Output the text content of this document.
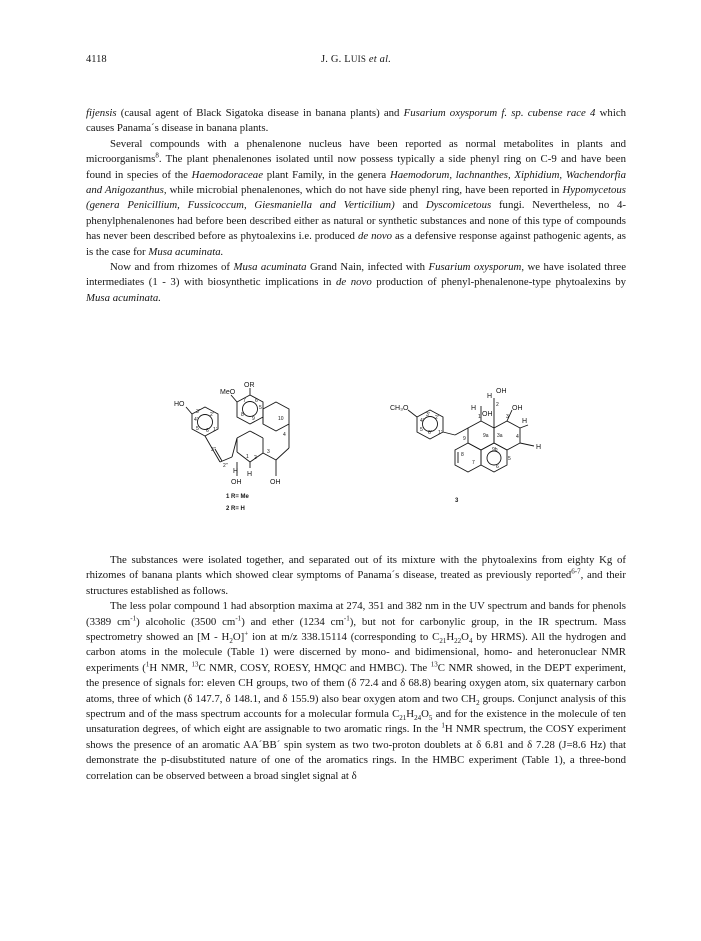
4118	J. G. LUIS et al.

fijensis (causal agent of Black Sigatoka disease in banana plants) and Fusarium oxysporum f. sp. cubense race 4 which causes Panama´s disease in banana plants.

Several compounds with a phenalenone nucleus have been reported as normal metabolites in plants and microorganisms$^8$. The plant phenalenones isolated until now possess typically a side phenyl ring on C-9 and have been found in species of the Haemodoraceae plant Family, in the genera Haemodorum, lachnanthes, Xiphidium, Wachendorfia and Anigozanthus, while microbial phenalenones, which do not have side phenyl ring, have been reported in Hypomycetous (genera Penicillium, Fussicoccum, Giesmaniella and Verticilium) and Dyscomicetous fungi. Nevertheless, no 4-phenylphenalenones had before been described either as natural or synthetic substances and none of this type of compounds has never been described before as phytoalexins i.e. produced de novo as a defensive response against pathogenic agents, as is the case for Musa acuminata.

Now and from rhizomes of Musa acuminata Grand Nain, infected with Fusarium oxysporum, we have isolated three intermediates (1 - 3) with biosynthetic implications in de novo production of phenyl-phenalenone-type phytoalexins by Musa acuminata.

OR
HO
MeO
3' 2'
4'
5' 6' 1'
3''
2''
7 6
5
8
9	10
4
1 2
3
H H
OH	OH
1 R= Me
2 R= H
CH₃O
OH
OH
OH
H
H
H
H
1
2
3
4
9a 3a
9b
9
8
7
6
5
4'
3' 2'
5' 6' 1'
3

The substances were isolated together, and separated out of its mixture with the phytoalexins from eighty Kg of rhizomes of banana plants which showed clear symptoms of Panama´s disease, treated as previously reported$^{6-7}$, and their structures established as follows.

The less polar compound 1 had absorption maxima at 274, 351 and 382 nm in the UV spectrum and bands for phenols (3389 $cm^{-1}$) alcoholic (3500 $cm^{-1}$) and ether (1234 $cm^{-1}$), but not for carbonylic group, in the IR spectrum. Mass spectrometry showed an $[M - H_2O]^+$ ion at m/z 338.15114 (corresponding to $C_{21}H_{22}O_4$ by HRMS). All the hydrogen and carbon atoms in the molecule (Table 1) were discerned by mono- and bidimensional, homo- and heteronuclear NMR experiments ($^1$H NMR, $^{13}$C NMR, COSY, ROESY, HMQC and HMBC). The $^{13}$C NMR showed, in the DEPT experiment, the presence of signals for: eleven CH groups, two of them (δ 72.4 and δ 68.8) bearing oxygen atom, six quaternary carbon atoms, three of which (δ 147.7, δ 148.1, and δ 155.9) also bear oxygen atom and two $CH_2$ groups. Conjunct analysis of this spectrum and of the mass spectrum accounts for a molecular formula $C_{21}H_{24}O_5$ and for the existence in the molecule of ten unsaturation degrees, of which eight are assignable to two aromatic rings. In the $^1$H NMR spectrum, the COSY experiment shows the presence of an aromatic AA´BB´ spin system as two two-proton doublets at δ 6.81 and δ 7.28 (J=8.6 Hz) that demonstrate the p-disubstituted nature of one of the aromatics rings. In the HMBC experiment (Table 1), a three-bond correlation can be observed between a broad singlet signal at δ
